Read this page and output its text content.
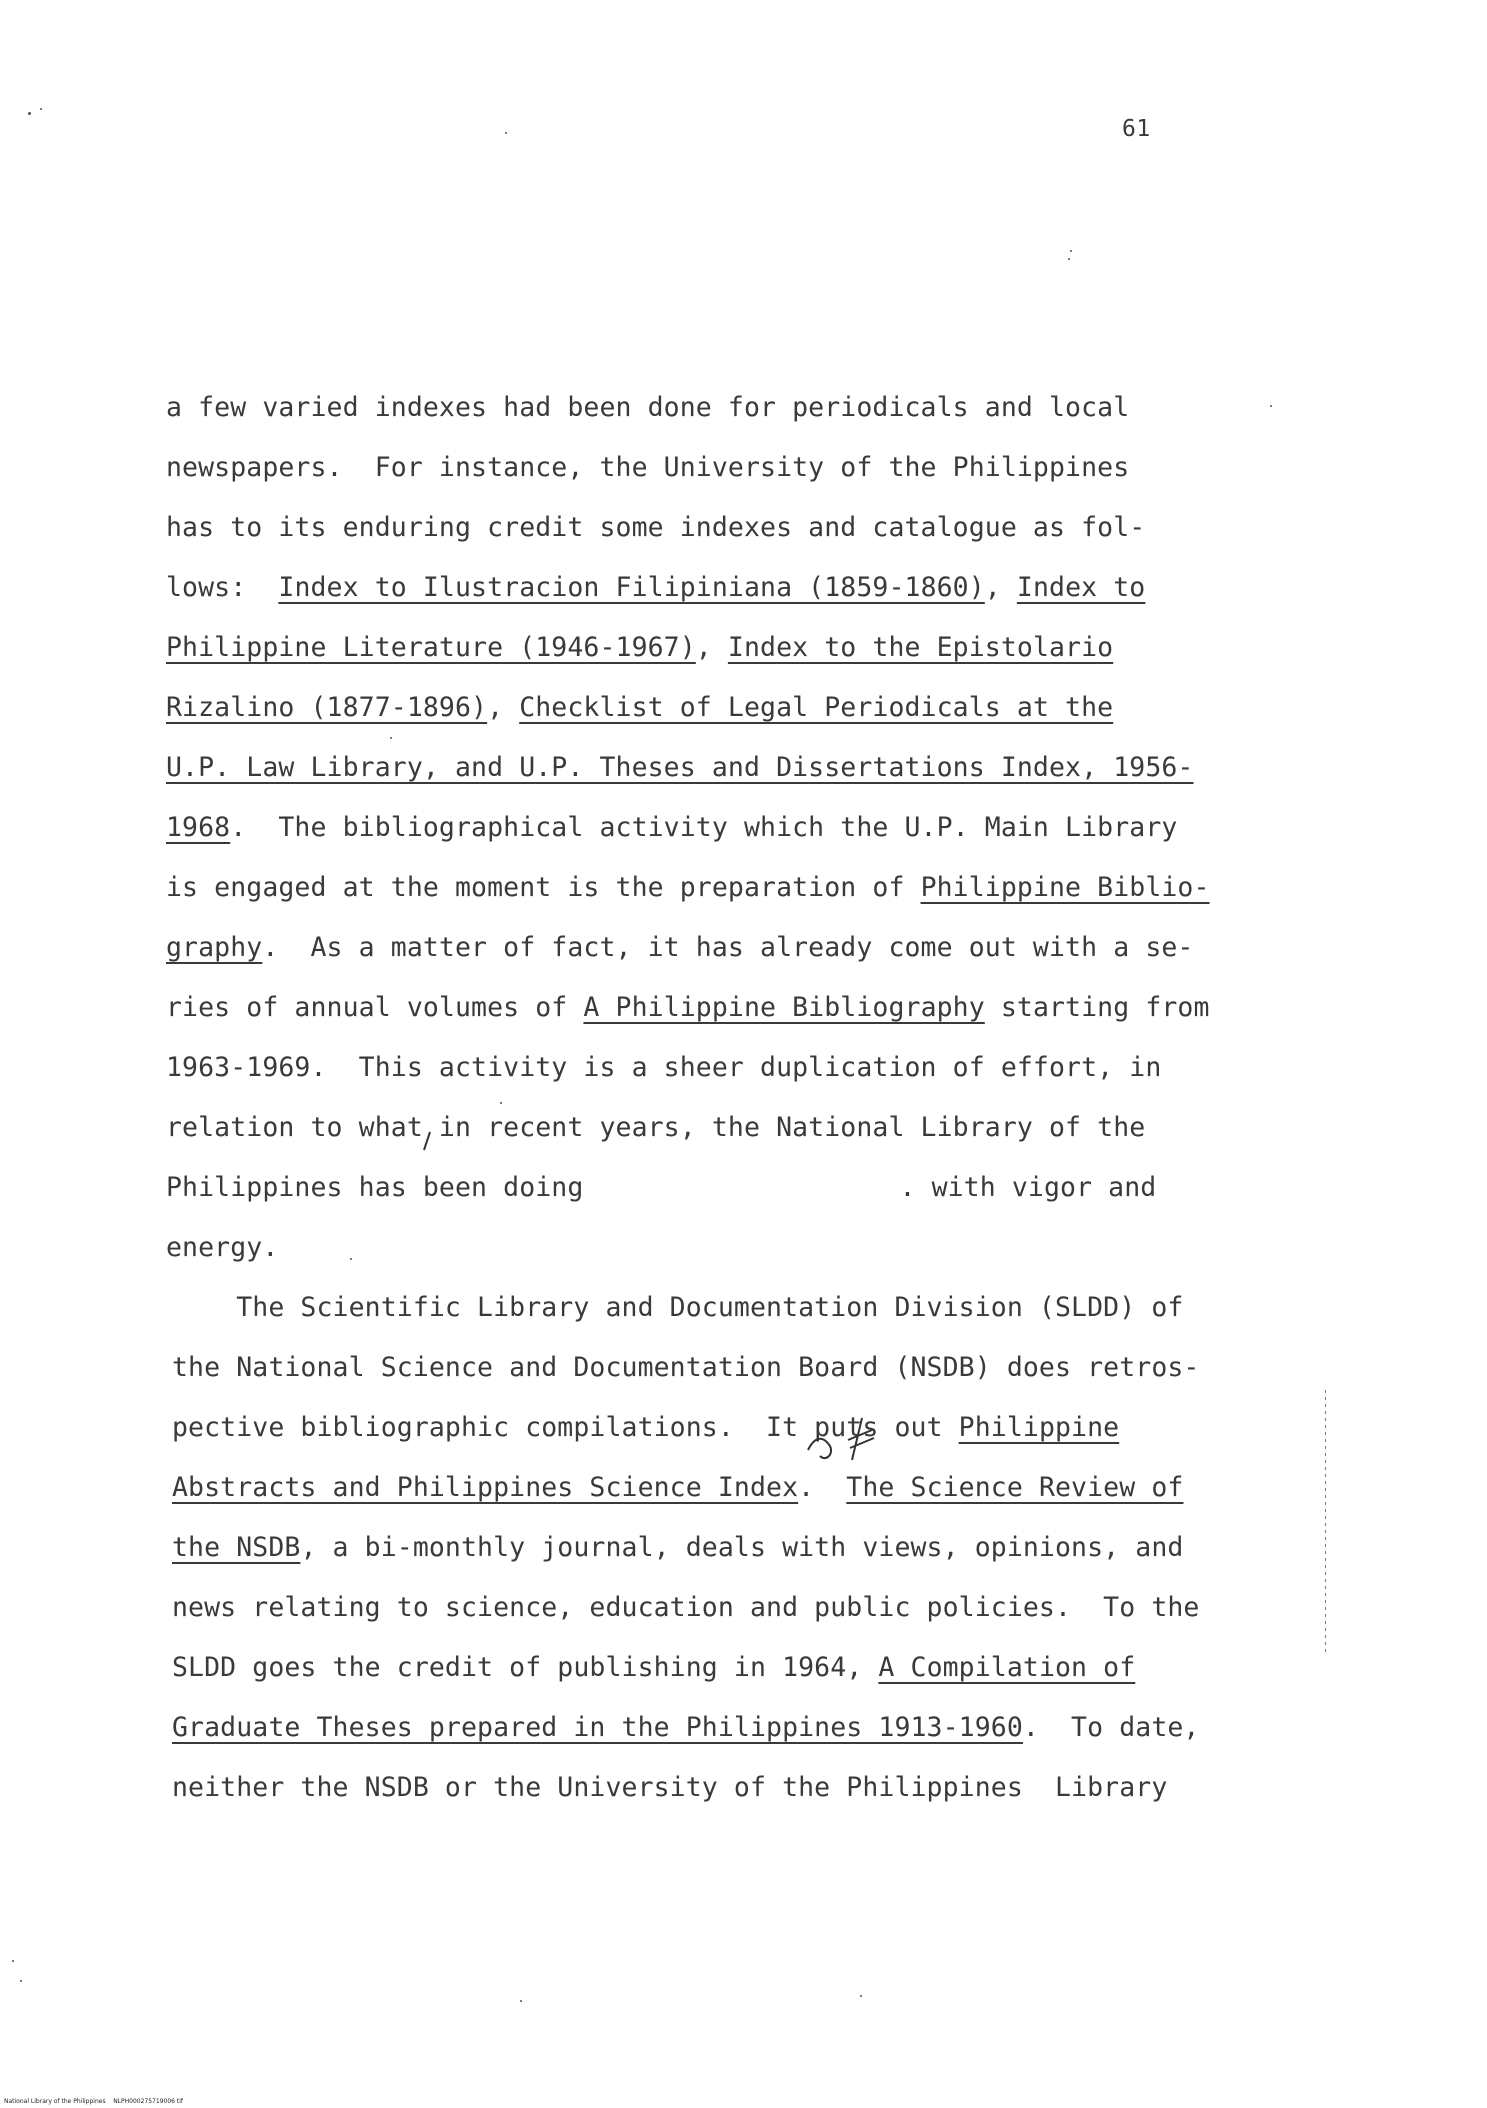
61
a few varied indexes had been done for periodicals and local
newspapers.  For instance, the University of the Philippines
has to its enduring credit some indexes and catalogue as fol-
lows:  Index to Ilustracion Filipiniana (1859-1860), Index to
Philippine Literature (1946-1967), Index to the Epistolario
Rizalino (1877-1896), Checklist of Legal Periodicals at the
U.P. Law Library, and U.P. Theses and Dissertations Index, 1956-
1968.  The bibliographical activity which the U.P. Main Library
is engaged at the moment is the preparation of Philippine Biblio-
graphy.  As a matter of fact, it has already come out with a se-
ries of annual volumes of A Philippine Bibliography starting from
1963-1969.  This activity is a sheer duplication of effort, in
relation to what in recent years, the National Library of the
Philippines has been doing	. with vigor and
energy.
The Scientific Library and Documentation Division (SLDD) of
the National Science and Documentation Board (NSDB) does retros-
pective bibliographic compilations.  It puts out Philippine
Abstracts and Philippines Science Index.  The Science Review of
the NSDB, a bi-monthly journal, deals with views, opinions, and
news relating to science, education and public policies.  To the
SLDD goes the credit of publishing in 1964, A Compilation of
Graduate Theses prepared in the Philippines 1913-1960.  To date,
neither the NSDB or the University of the Philippines  Library
National Library of the Philippines    NLPH000275719006 tif
